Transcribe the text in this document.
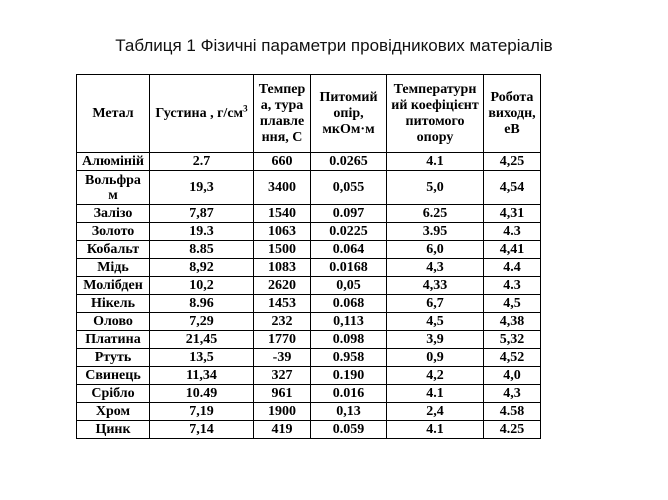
Таблиця 1 Фізичні параметри провідникових матеріалів
Метал	Густина , $г/см^3$	Темпер а, тура плавле ння, С	Питомий опір, мкОм·м	Температурн ий коефіцієнт питомого опору	Робота виходн, еВ
Алюміній	2.7	660	0.0265	4.1	4,25
Вольфра м	19,3	3400	0,055	5,0	4,54
Залізо	7,87	1540	0.097	6.25	4,31
Золото	19.3	1063	0.0225	3.95	4.3
Кобальт	8.85	1500	0.064	6,0	4,41
Мідь	8,92	1083	0.0168	4,3	4.4
Молібден	10,2	2620	0,05	4,33	4.3
Нікель	8.96	1453	0.068	6,7	4,5
Олово	7,29	232	0,113	4,5	4,38
Платина	21,45	1770	0.098	3,9	5,32
Ртуть	13,5	-39	0.958	0,9	4,52
Свинець	11,34	327	0.190	4,2	4,0
Срібло	10.49	961	0.016	4.1	4,3
Хром	7,19	1900	0,13	2,4	4.58
Цинк	7,14	419	0.059	4.1	4.25
